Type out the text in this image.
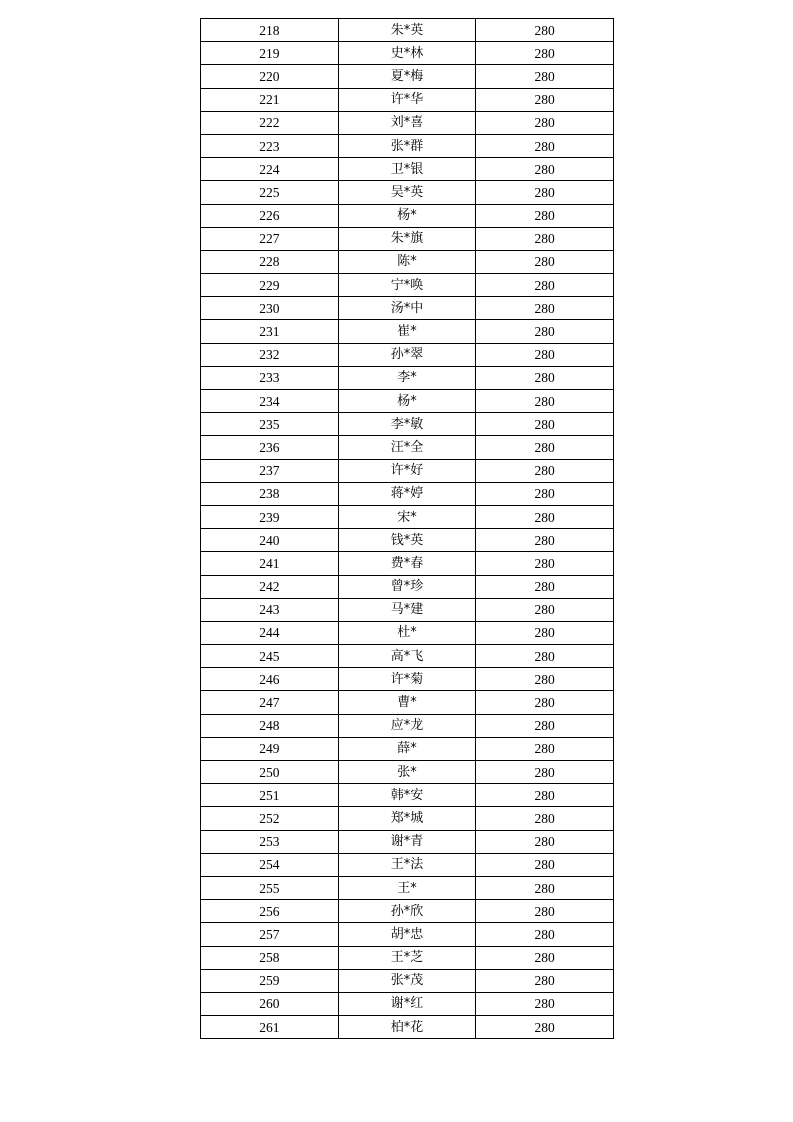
218	朱*英	280
219	史*林	280
220	夏*梅	280
221	许*华	280
222	刘*喜	280
223	张*群	280
224	卫*银	280
225	吴*英	280
226	杨*	280
227	朱*旗	280
228	陈*	280
229	宁*唤	280
230	汤*中	280
231	崔*	280
232	孙*翠	280
233	李*	280
234	杨*	280
235	李*敏	280
236	汪*全	280
237	许*好	280
238	蒋*婷	280
239	宋*	280
240	钱*英	280
241	费*春	280
242	曾*珍	280
243	马*建	280
244	杜*	280
245	高*飞	280
246	许*菊	280
247	曹*	280
248	应*龙	280
249	薛*	280
250	张*	280
251	韩*安	280
252	郑*城	280
253	谢*青	280
254	王*法	280
255	王*	280
256	孙*欣	280
257	胡*忠	280
258	王*芝	280
259	张*茂	280
260	谢*红	280
261	柏*花	280
